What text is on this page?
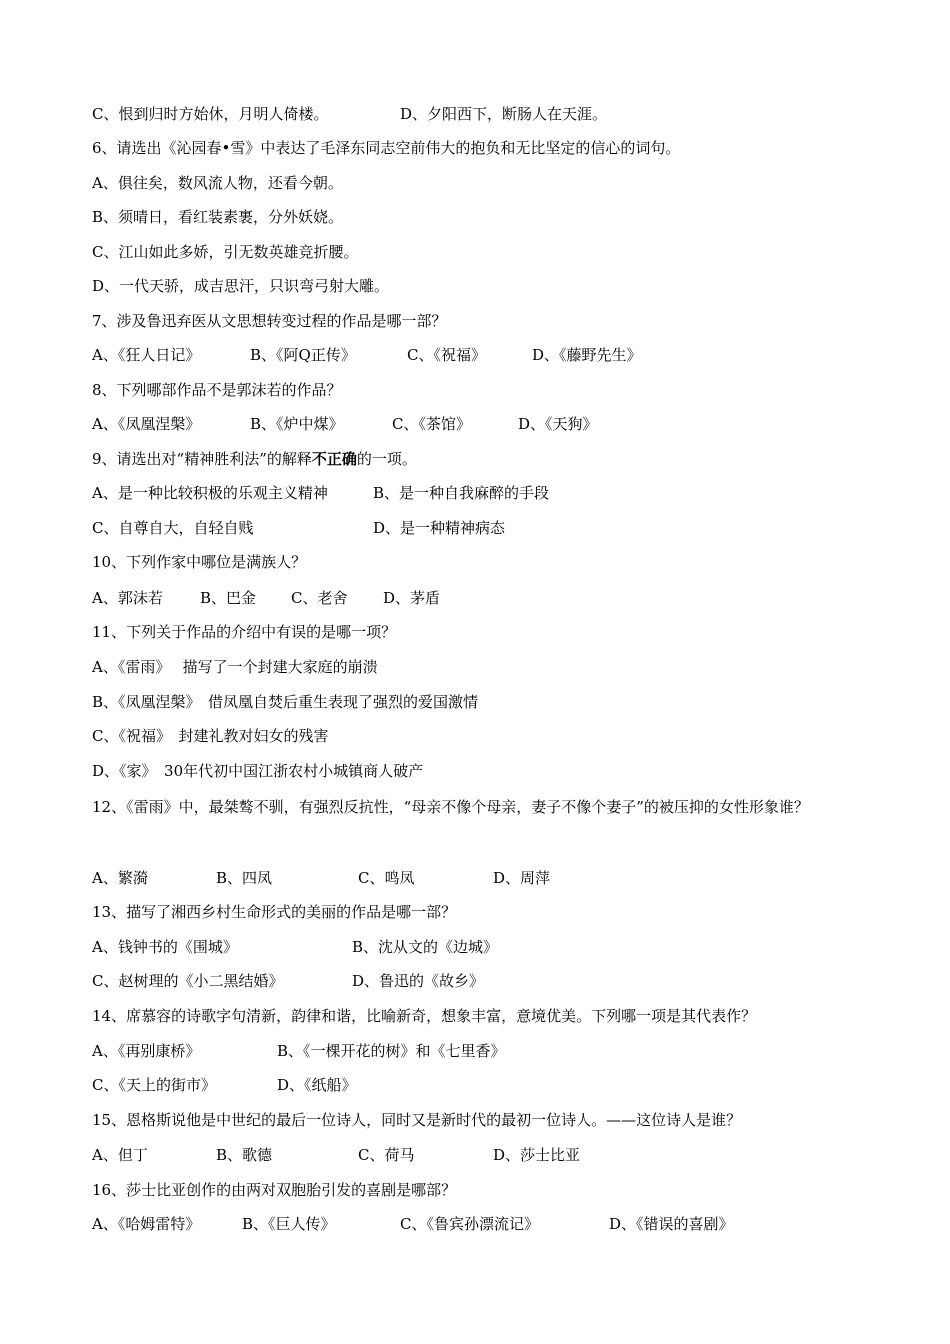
C、恨到归时方始休，月明人倚楼。	D、夕阳西下，断肠人在天涯。
6、请选出《沁园春•雪》中表达了毛泽东同志空前伟大的抱负和无比坚定的信心的词句。
A、俱往矣，数风流人物，还看今朝。
B、须晴日，看红装素裹，分外妖娆。
C、江山如此多娇，引无数英雄竞折腰。
D、一代天骄，成吉思汗，只识弯弓射大雕。
7、涉及鲁迅弃医从文思想转变过程的作品是哪一部？
A、《狂人日记》	B、《阿Q正传》	C、《祝福》	D、《藤野先生》
8、下列哪部作品不是郭沫若的作品？
A、《凤凰涅槃》	B、《炉中煤》	C、《茶馆》	D、《天狗》
9、请选出对“精神胜利法”的解释不正确的一项。
A、是一种比较积极的乐观主义精神	B、是一种自我麻醉的手段
C、自尊自大，自轻自贱	D、是一种精神病态
10、下列作家中哪位是满族人？
A、郭沫若 B、巴金 C、老舍 D、茅盾
11、下列关于作品的介绍中有误的是哪一项？
A、《雷雨》　 描写了一个封建大家庭的崩溃
B、《凤凰涅槃》　借凤凰自焚后重生表现了强烈的爱国激情
C、《祝福》　封建礼教对妇女的残害
D、《家》　30年代初中国江浙农村小城镇商人破产
12、《雷雨》中，最桀骜不驯，有强烈反抗性，“母亲不像个母亲，妻子不像个妻子”的被压抑的女性形象谁？
A、繁漪	B、四凤	C、鸣凤	D、周萍
13、描写了湘西乡村生命形式的美丽的作品是哪一部？
A、钱钟书的《围城》	B、沈从文的《边城》
C、赵树理的《小二黑结婚》	D、鲁迅的《故乡》
14、席慕容的诗歌字句清新，韵律和谐，比喻新奇，想象丰富，意境优美。下列哪一项是其代表作？
A、《再别康桥》	B、《一棵开花的树》和《七里香》
C、《天上的街市》	D、《纸船》
15、恩格斯说他是中世纪的最后一位诗人，同时又是新时代的最初一位诗人。——这位诗人是谁？
A、但丁	B、歌德	C、荷马	D、莎士比亚
16、莎士比亚创作的由两对双胞胎引发的喜剧是哪部？
A、《哈姆雷特》	B、《巨人传》	C、《鲁宾孙漂流记》	D、《错误的喜剧》
